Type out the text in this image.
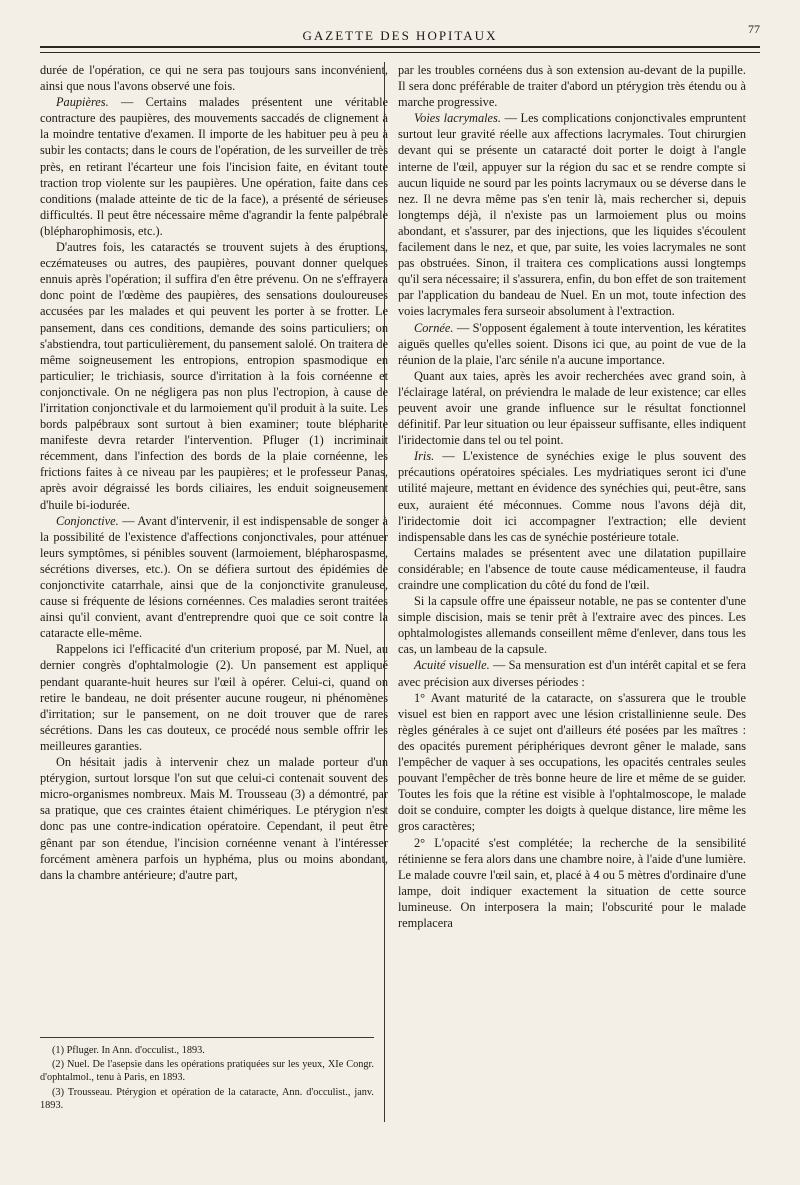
GAZETTE DES HOPITAUX	77

durée de l'opération, ce qui ne sera pas toujours sans inconvénient, ainsi que nous l'avons observé une fois.

Paupières. — Certains malades présentent une véritable contracture des paupières, des mouvements saccadés de clignement à la moindre tentative d'examen. Il importe de les habituer peu à peu à subir les contacts; dans le cours de l'opération, de les surveiller de très près, en retirant l'écarteur une fois l'incision faite, en évitant toute traction trop violente sur les paupières. Une opération, faite dans ces conditions (malade atteinte de tic de la face), a présenté de sérieuses difficultés. Il peut être nécessaire même d'agrandir la fente palpébrale (blépharophimosis, etc.).

D'autres fois, les cataractés se trouvent sujets à des éruptions, eczémateuses ou autres, des paupières, pouvant donner quelques ennuis après l'opération; il suffira d'en être prévenu. On ne s'effrayera donc point de l'œdème des paupières, des sensations douloureuses accusées par les malades et qui peuvent les porter à se frotter. Le pansement, dans ces conditions, demande des soins particuliers; on s'abstiendra, tout particulièrement, du pansement salolé. On traitera de même soigneusement les entropions, entropion spasmodique en particulier; le trichiasis, source d'irritation à la fois cornéenne et conjonctivale. On ne négligera pas non plus l'ectropion, à cause de l'irritation conjonctivale et du larmoiement qu'il produit à la suite. Les bords palpébraux sont surtout à bien examiner; toute blépharite manifeste devra retarder l'intervention. Pfluger (1) incriminait récemment, dans l'infection des bords de la plaie cornéenne, les frictions faites à ce niveau par les paupières; et le professeur Panas, après avoir dégraissé les bords ciliaires, les enduit soigneusement d'huile bi-iodurée.

Conjonctive. — Avant d'intervenir, il est indispensable de songer à la possibilité de l'existence d'affections conjonctivales, pour atténuer leurs symptômes, si pénibles souvent (larmoiement, blépharospasme, sécrétions diverses, etc.). On se défiera surtout des épidémies de conjonctivite catarrhale, ainsi que de la conjonctivite granuleuse, cause si fréquente de lésions cornéennes. Ces maladies seront traitées ainsi qu'il convient, avant d'entreprendre quoi que ce soit contre la cataracte elle-même.

Rappelons ici l'efficacité d'un criterium proposé, par M. Nuel, au dernier congrès d'ophtalmologie (2). Un pansement est appliqué pendant quarante-huit heures sur l'œil à opérer. Celui-ci, quand on retire le bandeau, ne doit présenter aucune rougeur, ni phénomènes d'irritation; sur le pansement, on ne doit trouver que de rares sécrétions. Dans les cas douteux, ce procédé nous semble offrir les meilleures garanties.

On hésitait jadis à intervenir chez un malade porteur d'un ptérygion, surtout lorsque l'on sut que celui-ci contenait souvent des micro-organismes nombreux. Mais M. Trousseau (3) a démontré, par sa pratique, que ces craintes étaient chimériques. Le ptérygion n'est donc pas une contre-indication opératoire. Cependant, il peut être gênant par son étendue, l'incision cornéenne venant à l'intéresser forcément amènera parfois un hyphéma, plus ou moins abondant, dans la chambre antérieure; d'autre part,

(1) Pfluger. In Ann. d'occulist., 1893.

(2) Nuel. De l'asepsie dans les opérations pratiquées sur les yeux, XIe Congr. d'ophtalmol., tenu à Paris, en 1893.

(3) Trousseau. Ptérygion et opération de la cataracte, Ann. d'occulist., janv. 1893.

par les troubles cornéens dus à son extension au-devant de la pupille. Il sera donc préférable de traiter d'abord un ptérygion très étendu ou à marche progressive.

Voies lacrymales. — Les complications conjonctivales empruntent surtout leur gravité réelle aux affections lacrymales. Tout chirurgien devant qui se présente un cataracté doit porter le doigt à l'angle interne de l'œil, appuyer sur la région du sac et se rendre compte si aucun liquide ne sourd par les points lacrymaux ou se déverse dans le nez. Il ne devra même pas s'en tenir là, mais rechercher si, depuis longtemps déjà, il n'existe pas un larmoiement plus ou moins abondant, et s'assurer, par des injections, que les liquides s'écoulent facilement dans le nez, et que, par suite, les voies lacrymales ne sont pas obstruées. Sinon, il traitera ces complications aussi longtemps qu'il sera nécessaire; il s'assurera, enfin, du bon effet de son traitement par l'application du bandeau de Nuel. En un mot, toute infection des voies lacrymales fera surseoir absolument à l'extraction.

Cornée. — S'opposent également à toute intervention, les kératites aiguës quelles qu'elles soient. Disons ici que, au point de vue de la réunion de la plaie, l'arc sénile n'a aucune importance.

Quant aux taies, après les avoir recherchées avec grand soin, à l'éclairage latéral, on préviendra le malade de leur existence; car elles peuvent avoir une grande influence sur le résultat fonctionnel définitif. Par leur situation ou leur épaisseur suffisante, elles indiquent l'iridectomie dans tel ou tel point.

Iris. — L'existence de synéchies exige le plus souvent des précautions opératoires spéciales. Les mydriatiques seront ici d'une utilité majeure, mettant en évidence des synéchies qui, peut-être, sans eux, auraient été méconnues. Comme nous l'avons déjà dit, l'iridectomie doit ici accompagner l'extraction; elle devient indispensable dans les cas de synéchie postérieure totale.

Certains malades se présentent avec une dilatation pupillaire considérable; en l'absence de toute cause médicamenteuse, il faudra craindre une complication du côté du fond de l'œil.

Si la capsule offre une épaisseur notable, ne pas se contenter d'une simple discision, mais se tenir prêt à l'extraire avec des pinces. Les ophtalmologistes allemands conseillent même d'enlever, dans tous les cas, un lambeau de la capsule.

Acuité visuelle. — Sa mensuration est d'un intérêt capital et se fera avec précision aux diverses périodes :

1° Avant maturité de la cataracte, on s'assurera que le trouble visuel est bien en rapport avec une lésion cristallinienne seule. Des règles générales à ce sujet ont d'ailleurs été posées par les maîtres : des opacités purement périphériques devront gêner le malade, sans l'empêcher de vaquer à ses occupations, les opacités centrales seules pouvant l'empêcher de très bonne heure de lire et même de se guider. Toutes les fois que la rétine est visible à l'ophtalmoscope, le malade doit se conduire, compter les doigts à quelque distance, lire même les gros caractères;

2° L'opacité s'est complétée; la recherche de la sensibilité rétinienne se fera alors dans une chambre noire, à l'aide d'une lumière. Le malade couvre l'œil sain, et, placé à 4 ou 5 mètres d'ordinaire d'une lampe, doit indiquer exactement la situation de cette source lumineuse. On interposera la main; l'obscurité pour le malade remplacera
